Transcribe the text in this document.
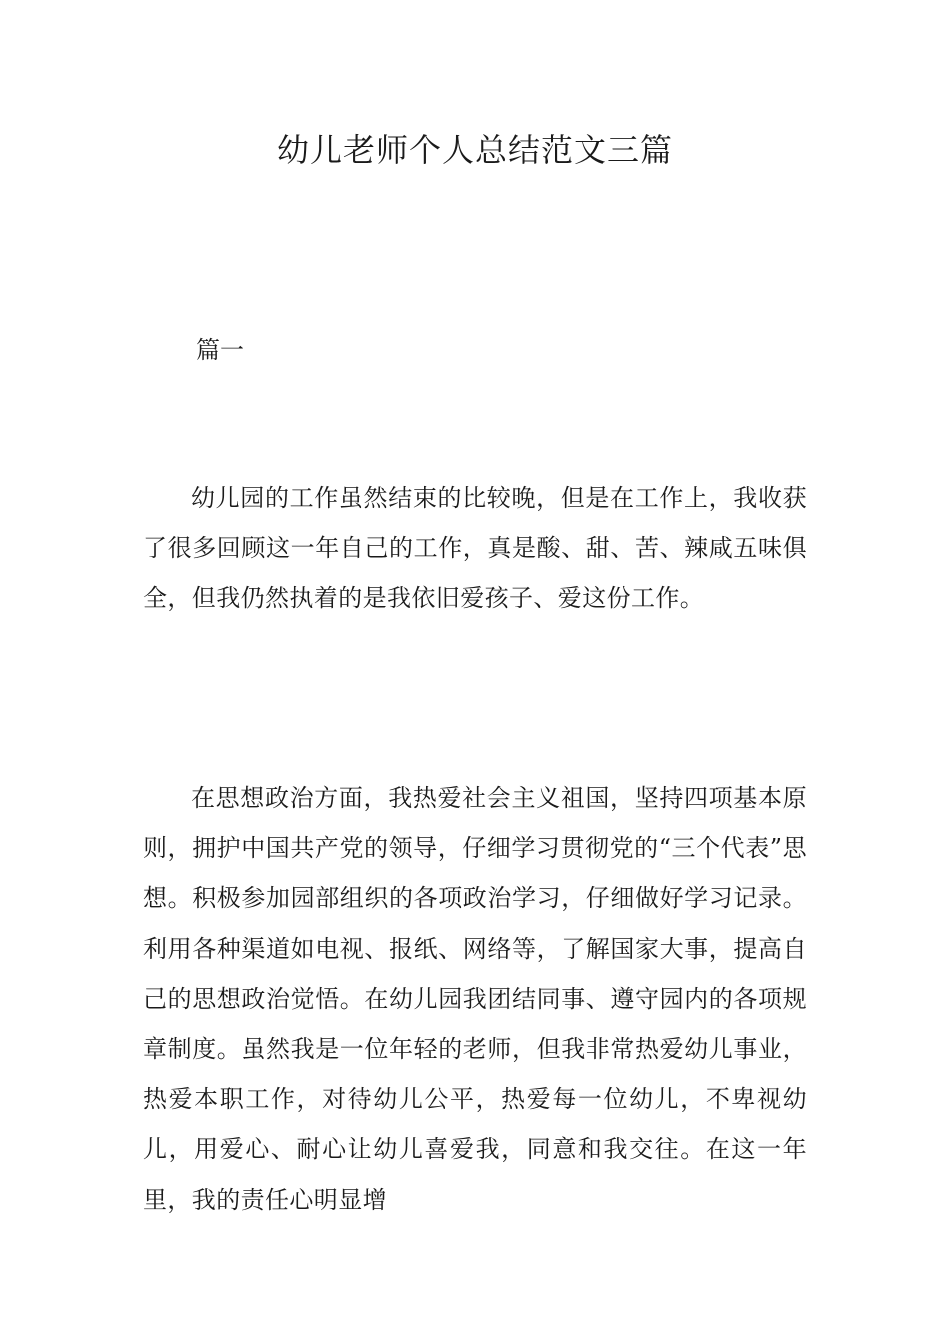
幼儿老师个人总结范文三篇
篇一

幼儿园的工作虽然结束的比较晚，但是在工作上，我收获了很多回顾这一年自己的工作，真是酸、甜、苦、辣咸五味俱全，但我仍然执着的是我依旧爱孩子、爱这份工作。

在思想政治方面，我热爱社会主义祖国，坚持四项基本原则，拥护中国共产党的领导，仔细学习贯彻党的“三个代表”思想。积极参加园部组织的各项政治学习，仔细做好学习记录。利用各种渠道如电视、报纸、网络等，了解国家大事，提高自己的思想政治觉悟。在幼儿园我团结同事、遵守园内的各项规章制度。虽然我是一位年轻的老师，但我非常热爱幼儿事业，热爱本职工作，对待幼儿公平，热爱每一位幼儿，不卑视幼儿，用爱心、耐心让幼儿喜爱我，同意和我交往。在这一年里，我的责任心明显增
